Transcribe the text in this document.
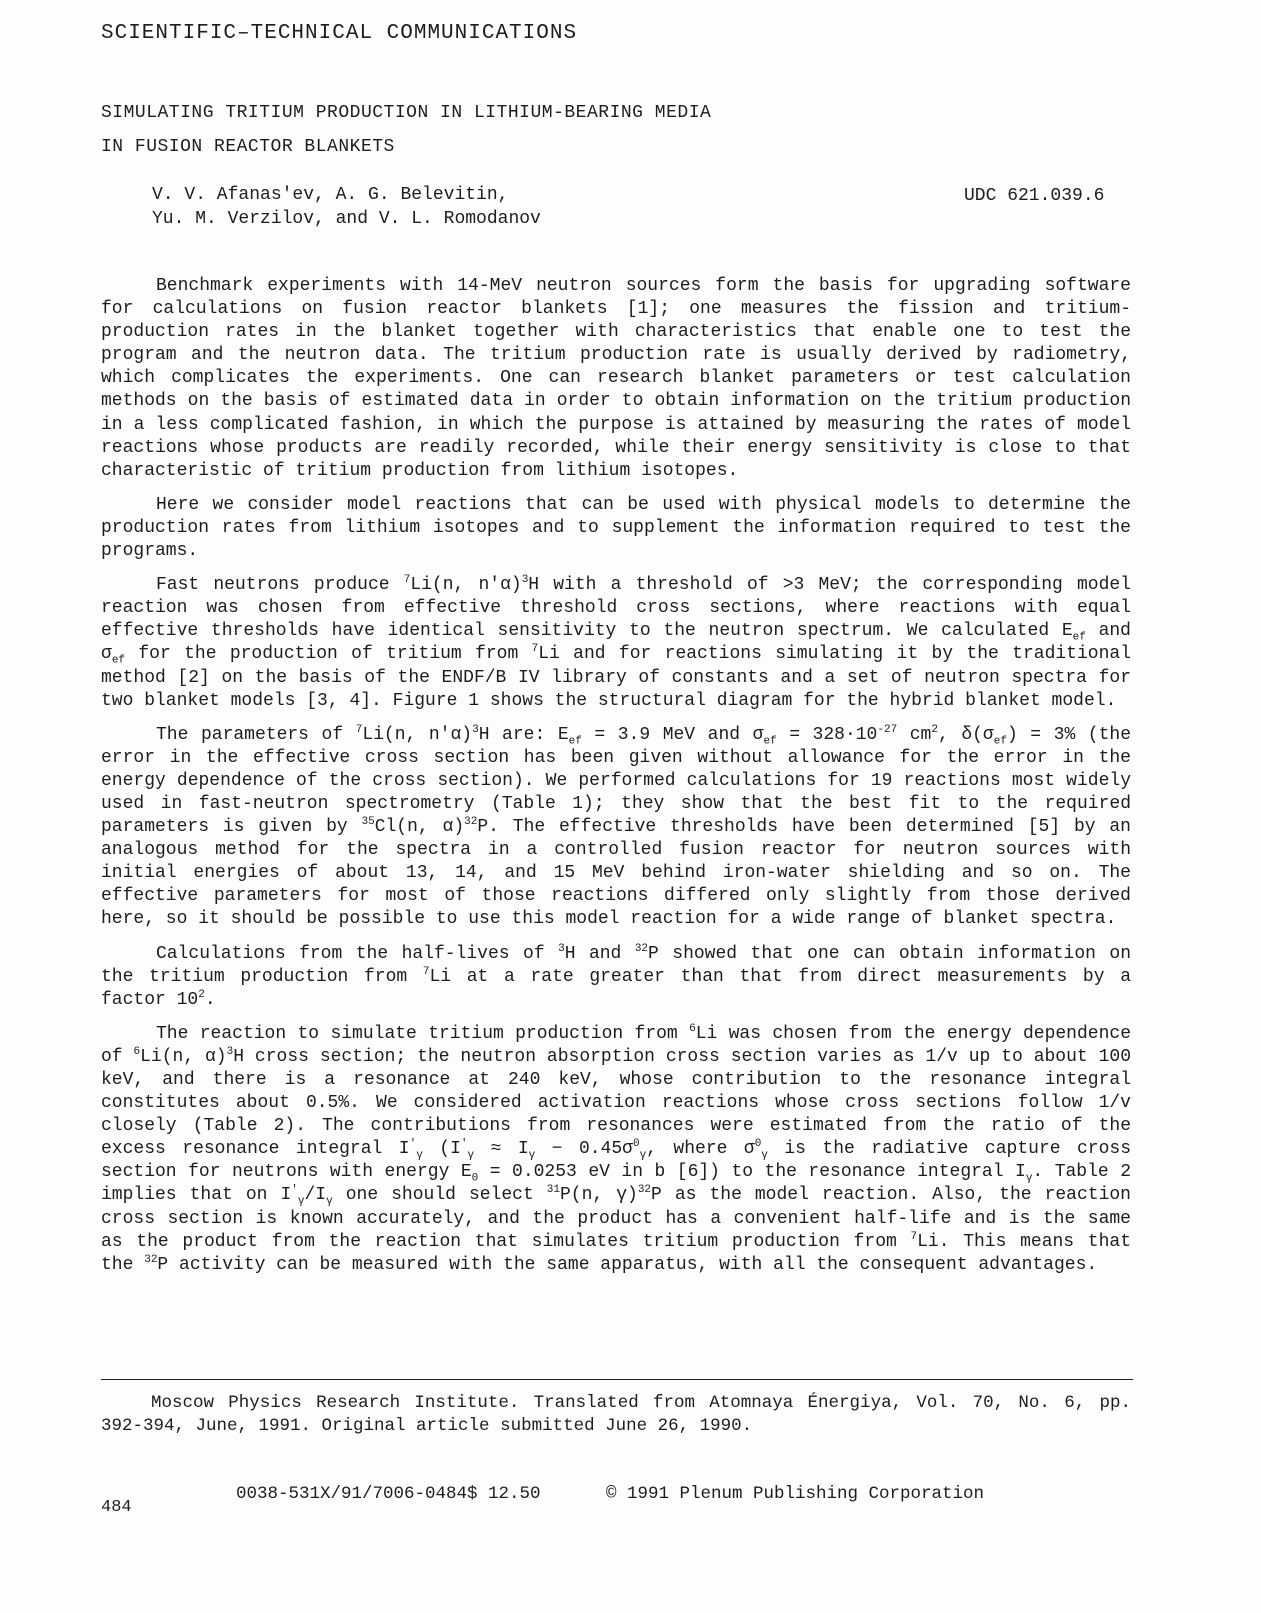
SCIENTIFIC–TECHNICAL COMMUNICATIONS
SIMULATING TRITIUM PRODUCTION IN LITHIUM-BEARING MEDIA
IN FUSION REACTOR BLANKETS
V. V. Afanas'ev, A. G. Belevitin,
Yu. M. Verzilov, and V. L. Romodanov
UDC 621.039.6

Benchmark experiments with 14-MeV neutron sources form the basis for upgrading software for calculations on fusion reactor blankets [1]; one measures the fission and tritium-production rates in the blanket together with characteristics that enable one to test the program and the neutron data. The tritium production rate is usually derived by radiometry, which complicates the experiments. One can research blanket parameters or test calculation methods on the basis of estimated data in order to obtain information on the tritium production in a less complicated fashion, in which the purpose is attained by measuring the rates of model reactions whose products are readily recorded, while their energy sensitivity is close to that characteristic of tritium production from lithium isotopes.

Here we consider model reactions that can be used with physical models to determine the production rates from lithium isotopes and to supplement the information required to test the programs.

Fast neutrons produce $^7$Li(n, n'α)$^3$H with a threshold of >3 MeV; the corresponding model reaction was chosen from effective threshold cross sections, where reactions with equal effective thresholds have identical sensitivity to the neutron spectrum. We calculated $E_{ef}$ and $\sigma_{ef}$ for the production of tritium from $^7$Li and for reactions simulating it by the traditional method [2] on the basis of the ENDF/B IV library of constants and a set of neutron spectra for two blanket models [3, 4]. Figure 1 shows the structural diagram for the hybrid blanket model.

The parameters of $^7$Li(n, n'α)$^3$H are: $E_{ef} = 3.9$ MeV and $\sigma_{ef} = 328\cdot 10^{-27}$ $cm^2$, $\delta(\sigma_{ef}) = 3\%$ (the error in the effective cross section has been given without allowance for the error in the energy dependence of the cross section). We performed calculations for 19 reactions most widely used in fast-neutron spectrometry (Table 1); they show that the best fit to the required parameters is given by $^{35}$Cl(n, α)$^{32}$P. The effective thresholds have been determined [5] by an analogous method for the spectra in a controlled fusion reactor for neutron sources with initial energies of about 13, 14, and 15 MeV behind iron-water shielding and so on. The effective parameters for most of those reactions differed only slightly from those derived here, so it should be possible to use this model reaction for a wide range of blanket spectra.

Calculations from the half-lives of $^3$H and $^{32}$P showed that one can obtain information on the tritium production from $^7$Li at a rate greater than that from direct measurements by a factor $10^2$.

The reaction to simulate tritium production from $^6$Li was chosen from the energy dependence of $^6$Li(n, α)$^3$H cross section; the neutron absorption cross section varies as 1/v up to about 100 keV, and there is a resonance at 240 keV, whose contribution to the resonance integral constitutes about 0.5%. We considered activation reactions whose cross sections follow 1/v closely (Table 2). The contributions from resonances were estimated from the ratio of the excess resonance integral $I'_\gamma$ ($I'_\gamma \approx I_\gamma - 0.45\sigma^0_\gamma$, where $\sigma^0_\gamma$ is the radiative capture cross section for neutrons with energy $E_0 = 0.0253$ eV in b [6]) to the resonance integral $I_\gamma$. Table 2 implies that on $I'_\gamma/I_\gamma$ one should select $^{31}$P(n, γ)$^{32}$P as the model reaction. Also, the reaction cross section is known accurately, and the product has a convenient half-life and is the same as the product from the reaction that simulates tritium production from $^7$Li. This means that the $^{32}$P activity can be measured with the same apparatus, with all the consequent advantages.

Moscow Physics Research Institute. Translated from Atomnaya Énergiya, Vol. 70, No. 6, pp. 392-394, June, 1991. Original article submitted June 26, 1990.
484
0038-531X/91/7006-0484$ 12.50	© 1991 Plenum Publishing Corporation
